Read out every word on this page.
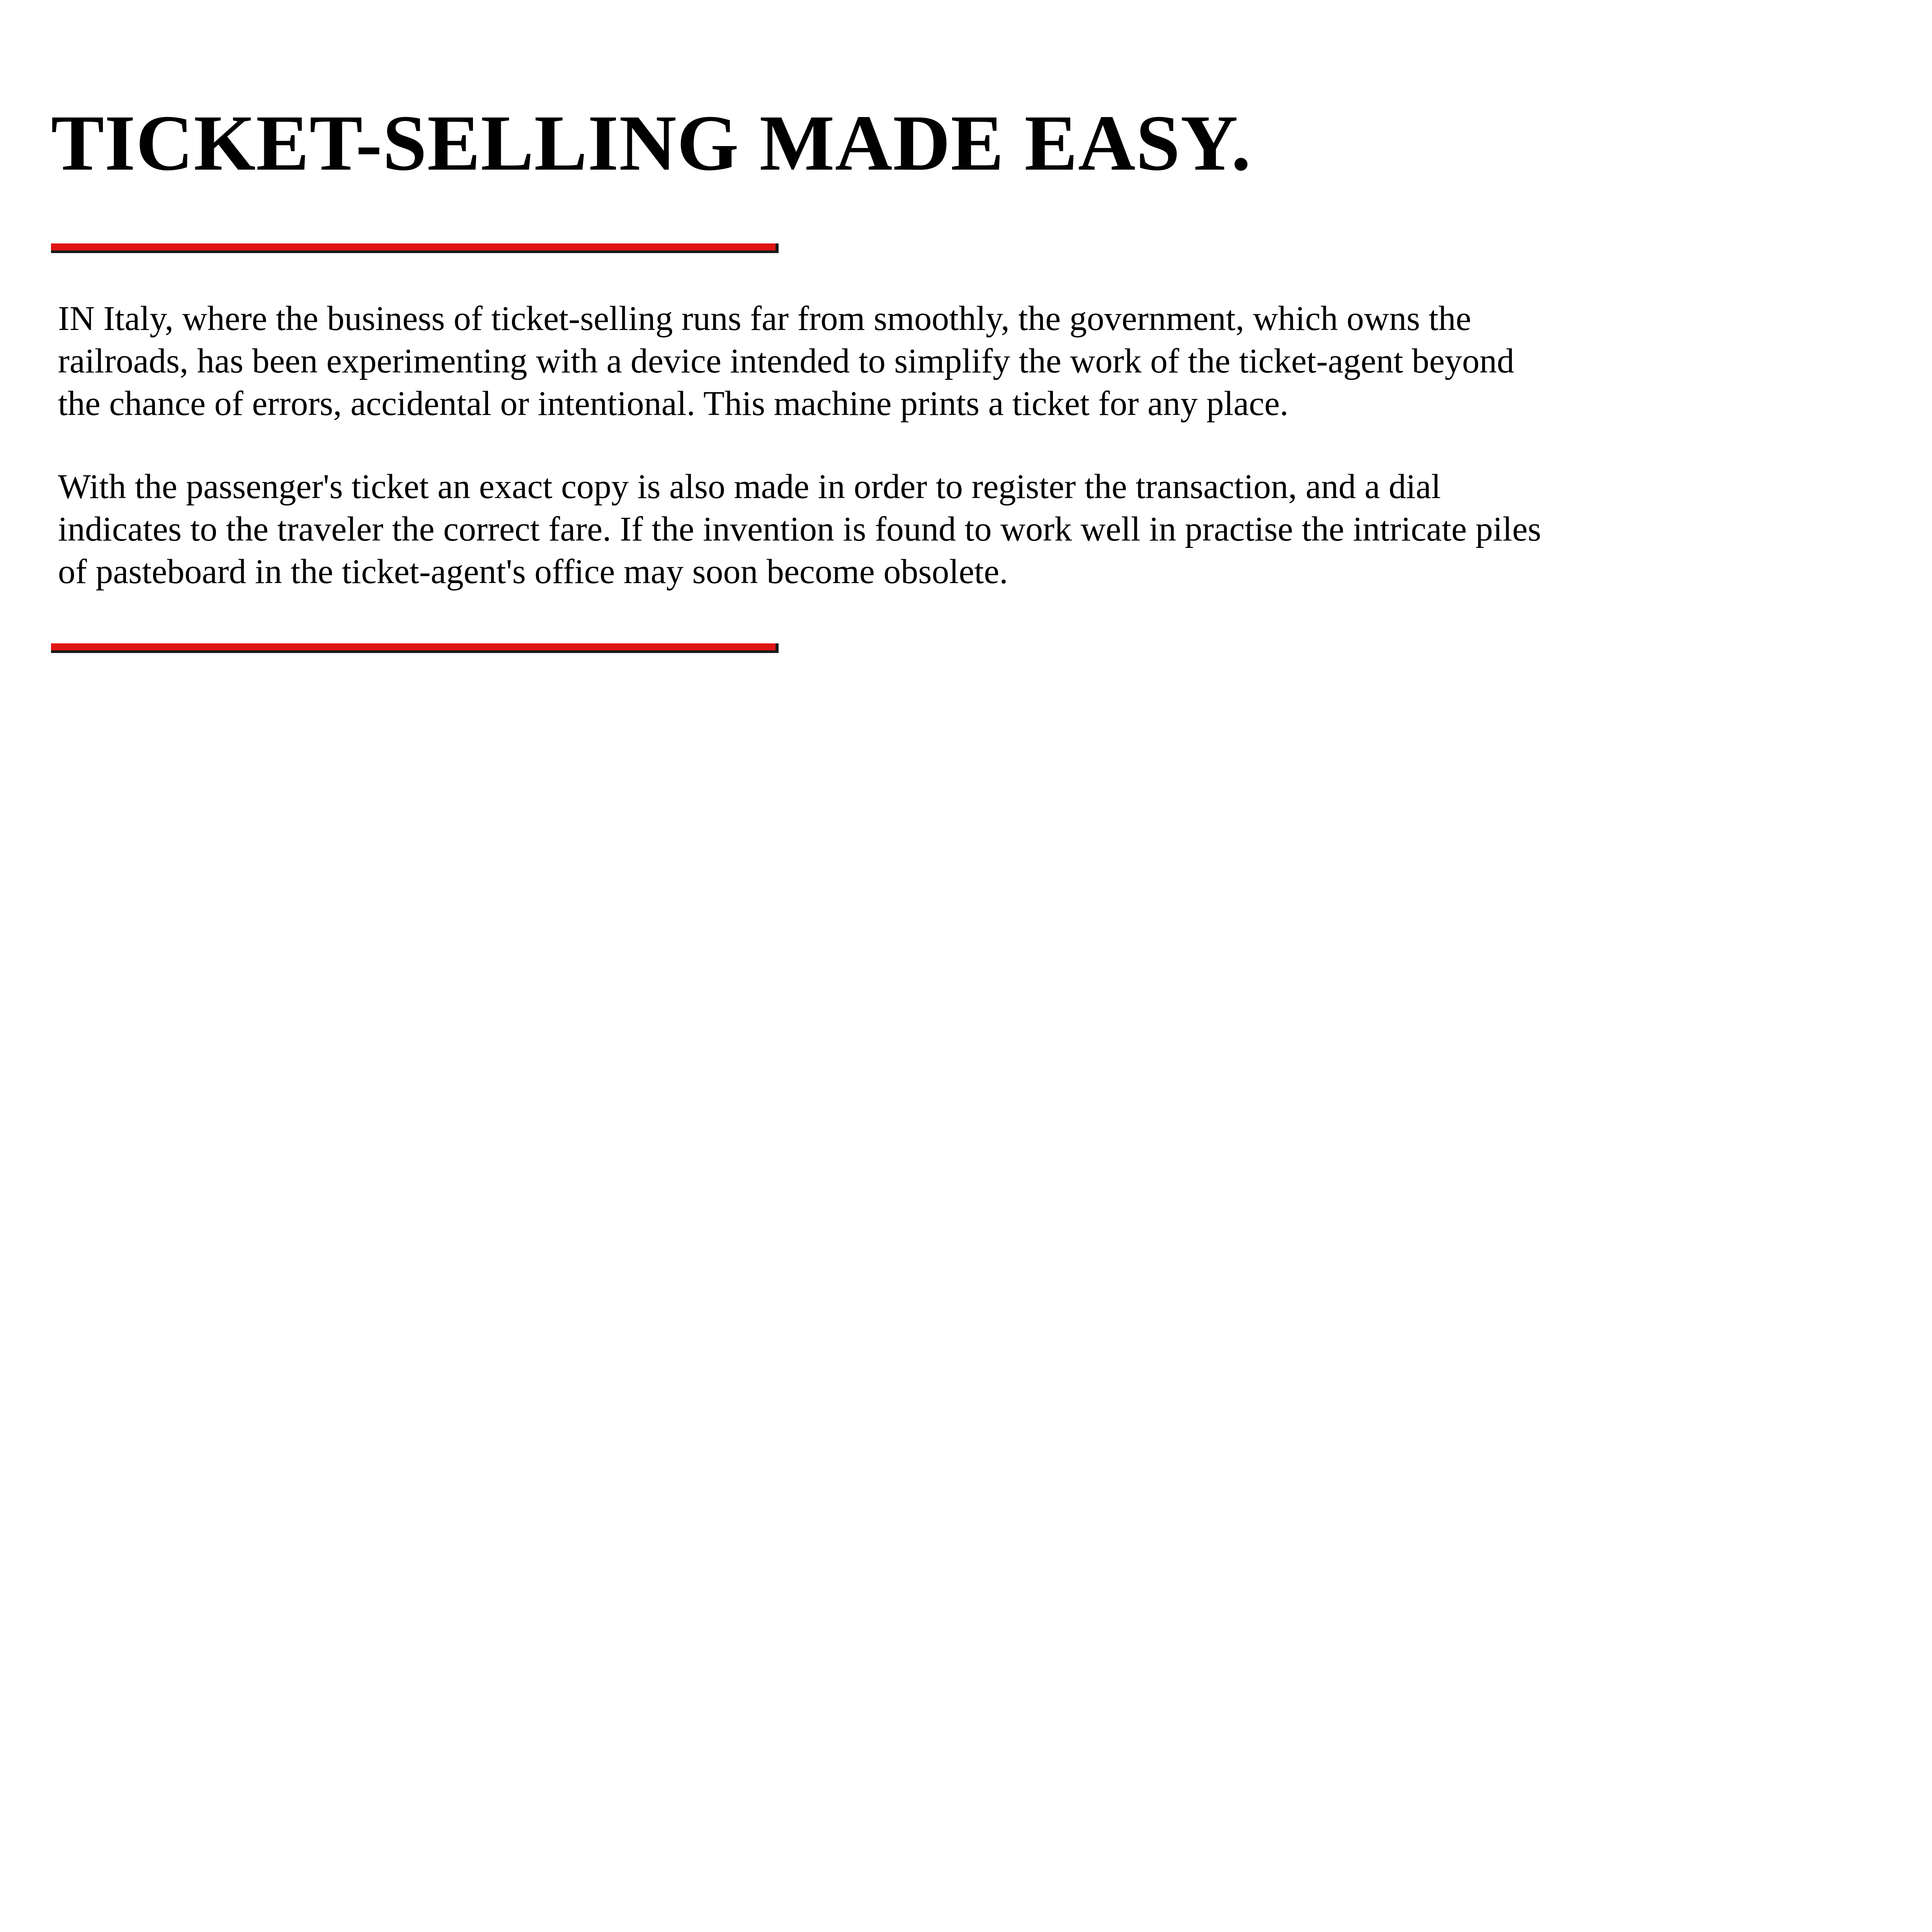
TICKET-SELLING MADE EASY.

IN Italy, where the business of ticket-selling runs far from smoothly, the government, which owns the
railroads, has been experimenting with a device intended to simplify the work of the ticket-agent beyond
the chance of errors, accidental or intentional. This machine prints a ticket for any place.

With the passenger's ticket an exact copy is also made in order to register the transaction, and a dial
indicates to the traveler the correct fare. If the invention is found to work well in practise the intricate piles
of pasteboard in the ticket-agent's office may soon become obsolete.
